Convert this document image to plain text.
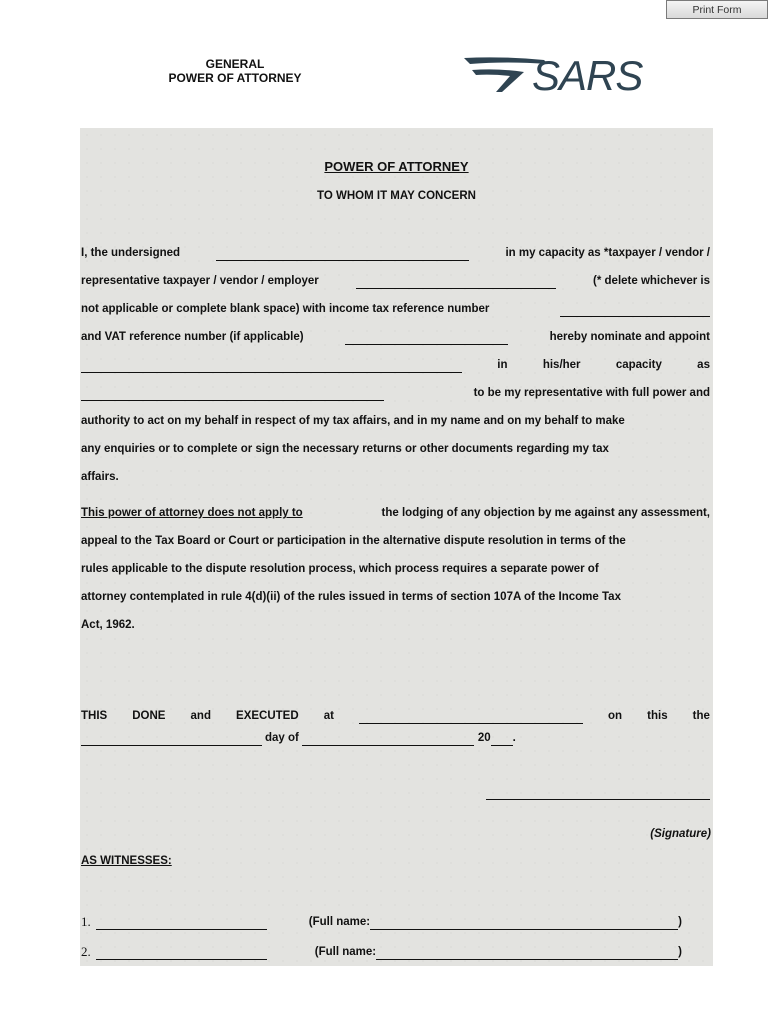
Print Form
GENERAL
POWER OF ATTORNEY	SARS
POWER OF ATTORNEY
TO WHOM IT MAY CONCERN
I, the undersigned	in my capacity as *taxpayer / vendor /
representative taxpayer / vendor / employer	(* delete whichever is
not applicable or complete blank space) with income tax reference number
and VAT reference number (if applicable)	hereby nominate and appoint
in	his/her	capacity	as
to be my representative with full power and
authority to act on my behalf in respect of my tax affairs, and in my name and on my behalf to make
any enquiries or to complete or sign the necessary returns or other documents regarding my tax
affairs.
This power of attorney does not apply to	the lodging of any objection by me against any assessment,
appeal to the Tax Board or Court or participation in the alternative dispute resolution in terms of the
rules applicable to the dispute resolution process, which process requires a separate power of
attorney contemplated in rule 4(d)(ii) of the rules issued in terms of section 107A of the Income Tax
Act, 1962.
THIS DONE and EXECUTED at	on this the
day of	20 .
(Signature)
AS WITNESSES:
1.	(Full name:	)
2.	(Full name:	)
